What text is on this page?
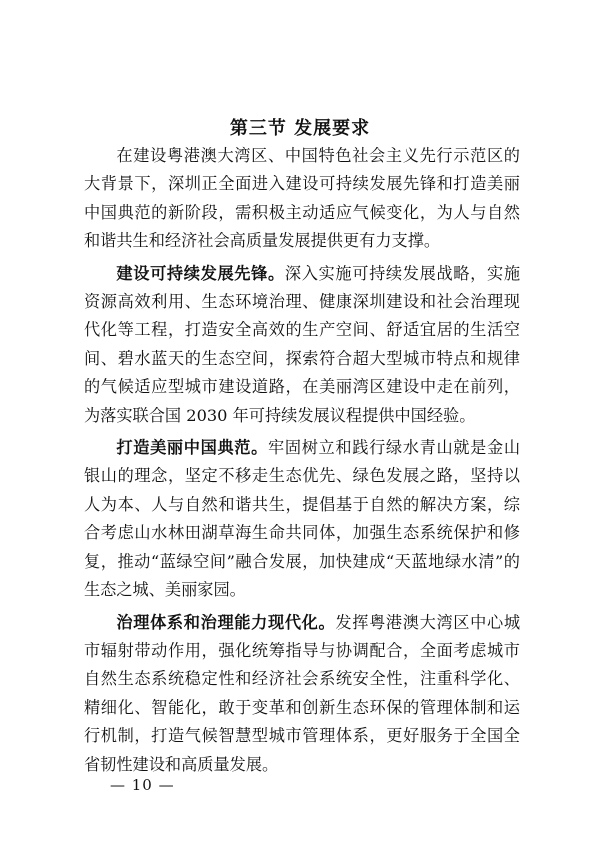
第三节 发展要求

在建设粤港澳大湾区、中国特色社会主义先行示范区的大背景下，深圳正全面进入建设可持续发展先锋和打造美丽中国典范的新阶段，需积极主动适应气候变化，为人与自然和谐共生和经济社会高质量发展提供更有力支撑。

建设可持续发展先锋。深入实施可持续发展战略，实施资源高效利用、生态环境治理、健康深圳建设和社会治理现代化等工程，打造安全高效的生产空间、舒适宜居的生活空间、碧水蓝天的生态空间，探索符合超大型城市特点和规律的气候适应型城市建设道路，在美丽湾区建设中走在前列，为落实联合国 2030 年可持续发展议程提供中国经验。

打造美丽中国典范。牢固树立和践行绿水青山就是金山银山的理念，坚定不移走生态优先、绿色发展之路，坚持以人为本、人与自然和谐共生，提倡基于自然的解决方案，综合考虑山水林田湖草海生命共同体，加强生态系统保护和修复，推动“蓝绿空间”融合发展，加快建成“天蓝地绿水清”的生态之城、美丽家园。

治理体系和治理能力现代化。发挥粤港澳大湾区中心城市辐射带动作用，强化统筹指导与协调配合，全面考虑城市自然生态系统稳定性和经济社会系统安全性，注重科学化、精细化、智能化，敢于变革和创新生态环保的管理体制和运行机制，打造气候智慧型城市管理体系，更好服务于全国全省韧性建设和高质量发展。

— 10 —
